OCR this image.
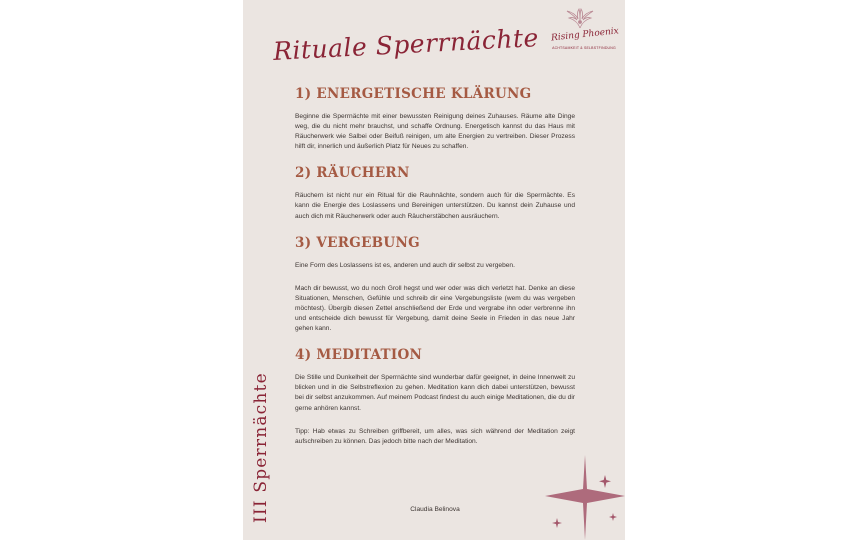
Rituale Sperrnächte Rising Phoenix
ACHTSAMKEIT & SELBSTFINDUNG
III Sperrnächte
1) ENERGETISCHE KLÄRUNG

Beginne die Sperrnächte mit einer bewussten Reinigung deines Zuhauses. Räume alte Dinge weg, die du nicht mehr brauchst, und schaffe Ordnung. Energetisch kannst du das Haus mit Räucherwerk wie Salbei oder Beifuß reinigen, um alte Energien zu vertreiben. Dieser Prozess hilft dir, innerlich und äußerlich Platz für Neues zu schaffen.

2) RÄUCHERN

Räuchern ist nicht nur ein Ritual für die Rauhnächte, sondern auch für die Sperrnächte. Es kann die Energie des Loslassens und Bereinigen unterstützen. Du kannst dein Zuhause und auch dich mit Räucherwerk oder auch Räucherstäbchen ausräuchern.

3) VERGEBUNG

Eine Form des Loslassens ist es, anderen und auch dir selbst zu vergeben.

Mach dir bewusst, wo du noch Groll hegst und wer oder was dich verletzt hat. Denke an diese Situationen, Menschen, Gefühle und schreib dir eine Vergebungsliste (wem du was vergeben möchtest). Übergib diesen Zettel anschließend der Erde und vergrabe ihn oder verbrenne ihn und entscheide dich bewusst für Vergebung, damit deine Seele in Frieden in das neue Jahr gehen kann.

4) MEDITATION

Die Stille und Dunkelheit der Sperrnächte sind wunderbar dafür geeignet, in deine Innenwelt zu blicken und in die Selbstreflexion zu gehen. Meditation kann dich dabei unterstützen, bewusst bei dir selbst anzukommen. Auf meinem Podcast findest du auch einige Meditationen, die du dir gerne anhören kannst.

Tipp: Hab etwas zu Schreiben griffbereit, um alles, was sich während der Meditation zeigt aufschreiben zu können. Das jedoch bitte nach der Meditation.

Claudia Belinova
